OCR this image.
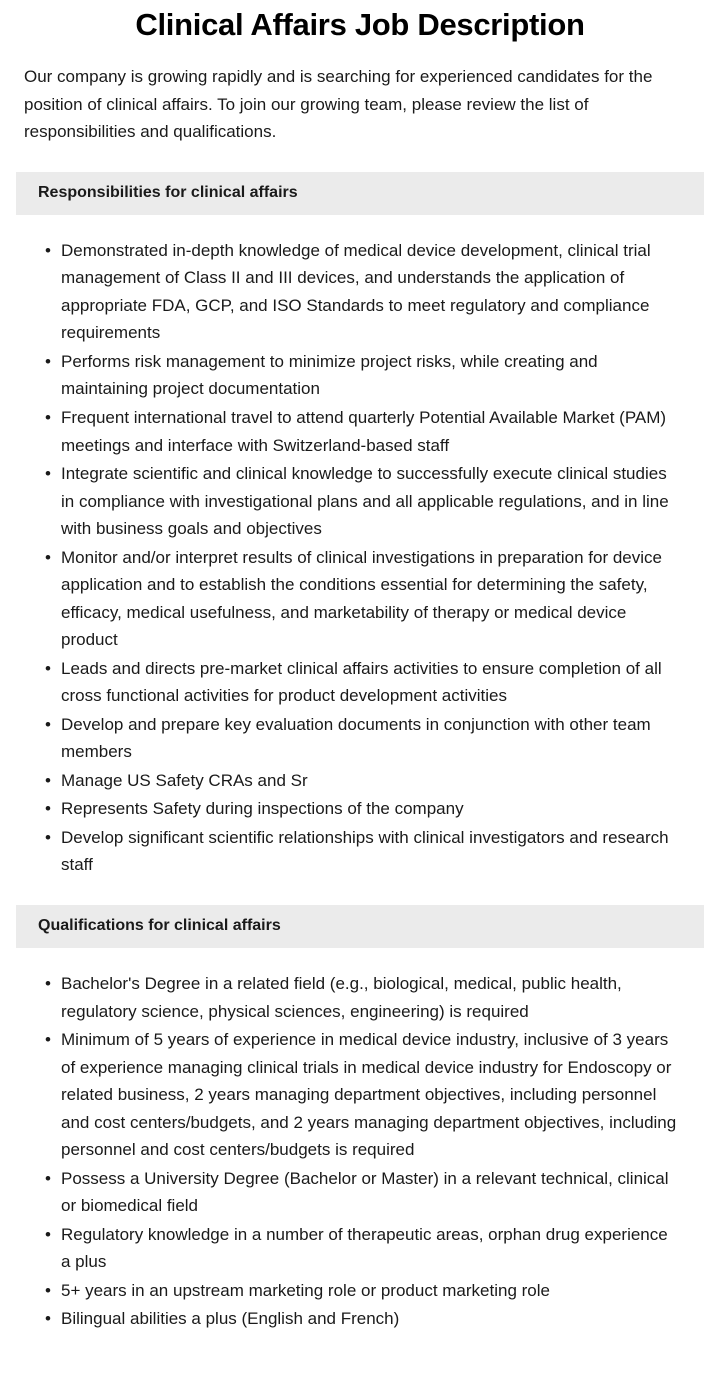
Clinical Affairs Job Description

Our company is growing rapidly and is searching for experienced candidates for the position of clinical affairs. To join our growing team, please review the list of responsibilities and qualifications.

Responsibilities for clinical affairs
• Demonstrated in-depth knowledge of medical device development, clinical trial management of Class II and III devices, and understands the application of appropriate FDA, GCP, and ISO Standards to meet regulatory and compliance requirements
• Performs risk management to minimize project risks, while creating and maintaining project documentation
• Frequent international travel to attend quarterly Potential Available Market (PAM) meetings and interface with Switzerland-based staff
• Integrate scientific and clinical knowledge to successfully execute clinical studies in compliance with investigational plans and all applicable regulations, and in line with business goals and objectives
• Monitor and/or interpret results of clinical investigations in preparation for device application and to establish the conditions essential for determining the safety, efficacy, medical usefulness, and marketability of therapy or medical device product
• Leads and directs pre-market clinical affairs activities to ensure completion of all cross functional activities for product development activities
• Develop and prepare key evaluation documents in conjunction with other team members
• Manage US Safety CRAs and Sr
• Represents Safety during inspections of the company
• Develop significant scientific relationships with clinical investigators and research staff
Qualifications for clinical affairs
• Bachelor's Degree in a related field (e.g., biological, medical, public health, regulatory science, physical sciences, engineering) is required
• Minimum of 5 years of experience in medical device industry, inclusive of 3 years of experience managing clinical trials in medical device industry for Endoscopy or related business, 2 years managing department objectives, including personnel and cost centers/budgets, and 2 years managing department objectives, including personnel and cost centers/budgets is required
• Possess a University Degree (Bachelor or Master) in a relevant technical, clinical or biomedical field
• Regulatory knowledge in a number of therapeutic areas, orphan drug experience a plus
• 5+ years in an upstream marketing role or product marketing role
• Bilingual abilities a plus (English and French)
